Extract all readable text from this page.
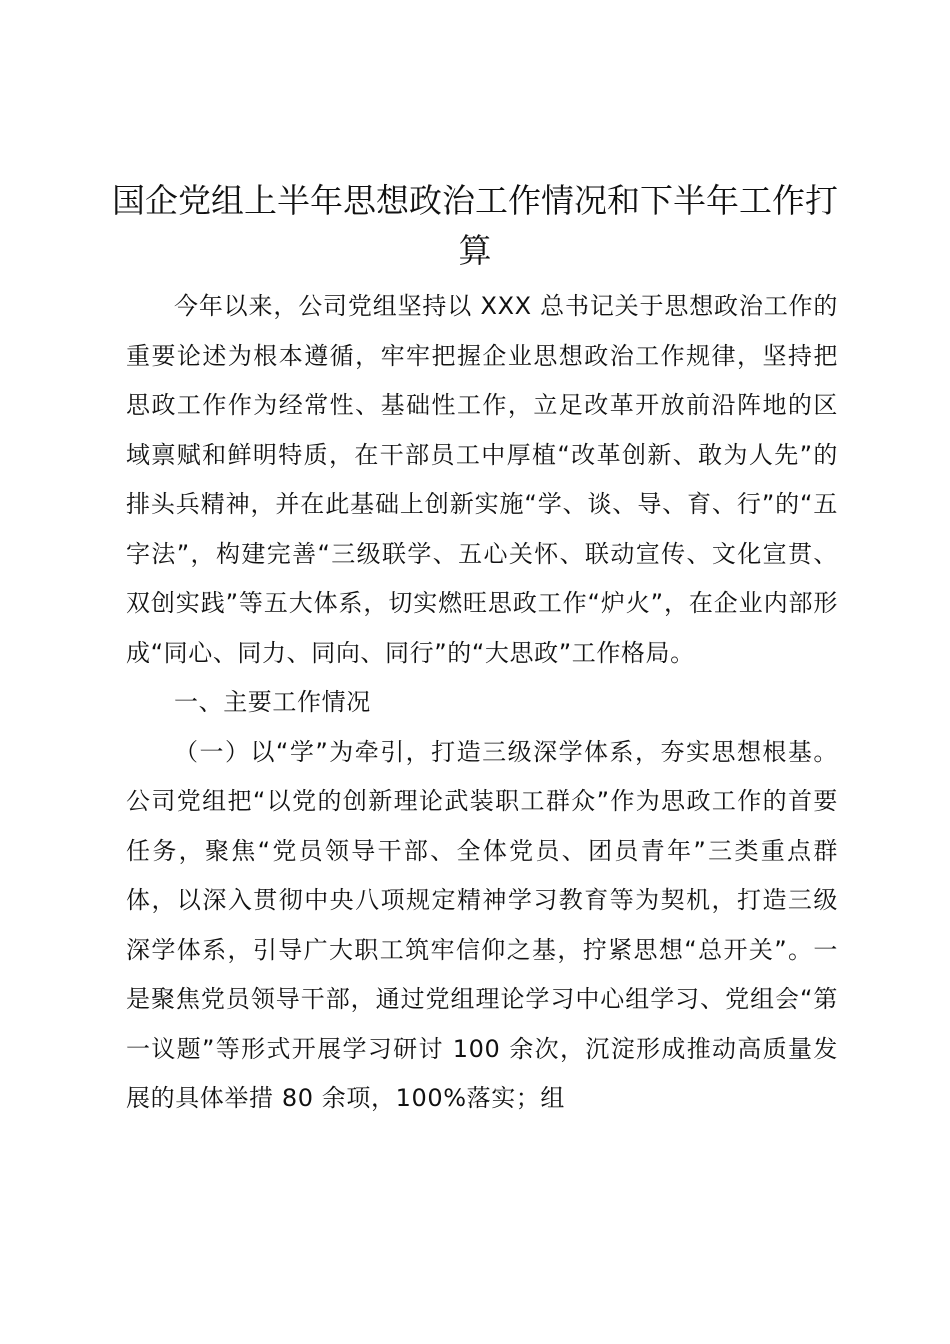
国企党组上半年思想政治工作情况和下半年工作打算

今年以来，公司党组坚持以 XXX 总书记关于思想政治工作的重要论述为根本遵循，牢牢把握企业思想政治工作规律，坚持把思政工作作为经常性、基础性工作，立足改革开放前沿阵地的区域禀赋和鲜明特质，在干部员工中厚植“改革创新、敢为人先”的排头兵精神，并在此基础上创新实施“学、谈、导、育、行”的“五字法”，构建完善“三级联学、五心关怀、联动宣传、文化宣贯、双创实践”等五大体系，切实燃旺思政工作“炉火”，在企业内部形成“同心、同力、同向、同行”的“大思政”工作格局。

一、主要工作情况

（一）以“学”为牵引，打造三级深学体系，夯实思想根基。公司党组把“以党的创新理论武装职工群众”作为思政工作的首要任务，聚焦“党员领导干部、全体党员、团员青年”三类重点群体，以深入贯彻中央八项规定精神学习教育等为契机，打造三级深学体系，引导广大职工筑牢信仰之基，拧紧思想“总开关”。一是聚焦党员领导干部，通过党组理论学习中心组学习、党组会“第一议题”等形式开展学习研讨 100 余次，沉淀形成推动高质量发展的具体举措 80 余项，100%落实；组
